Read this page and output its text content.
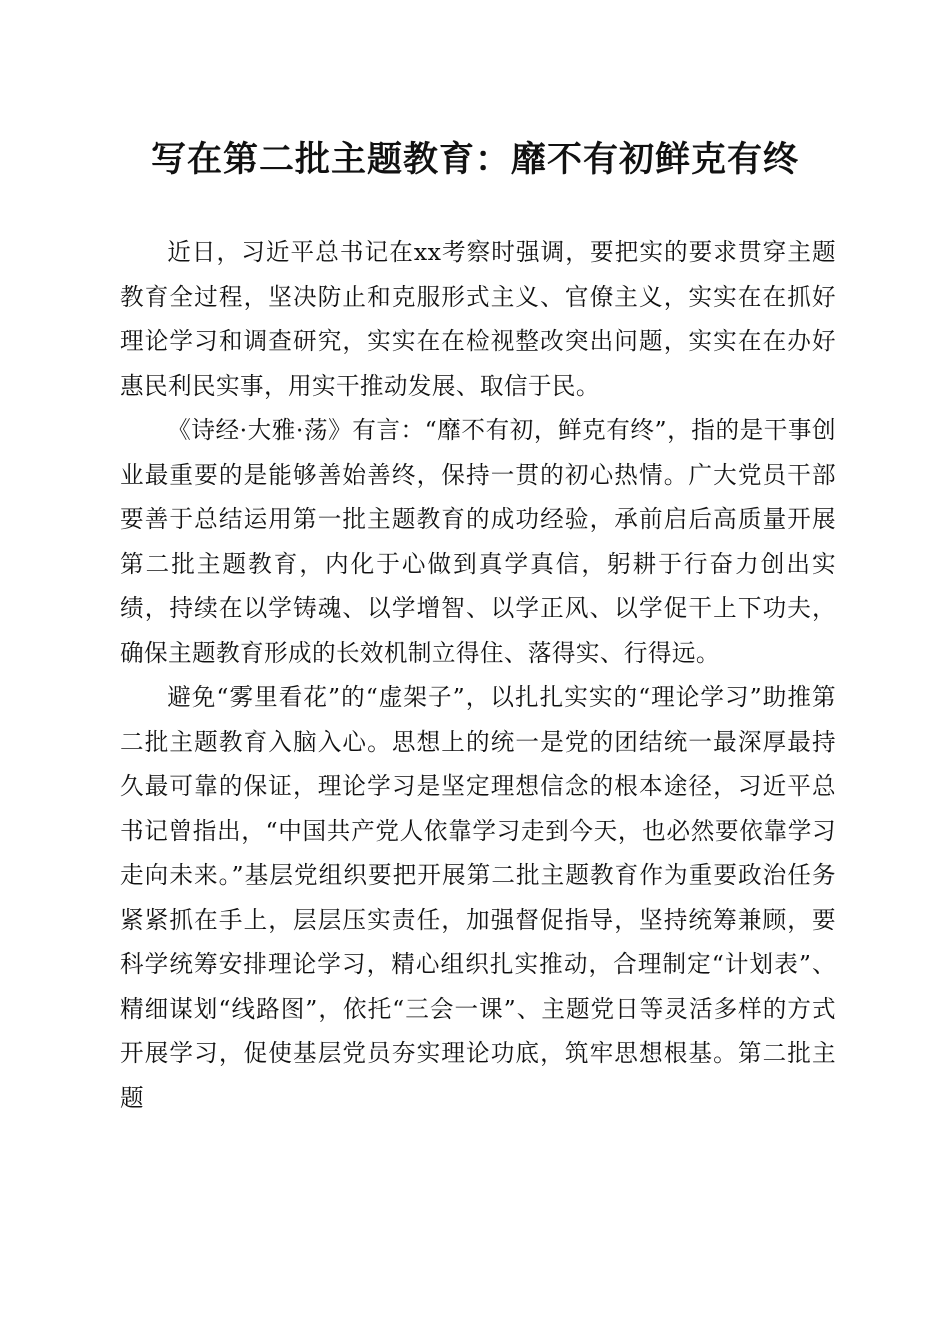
写在第二批主题教育：靡不有初鲜克有终

近日，习近平总书记在xx考察时强调，要把实的要求贯穿主题教育全过程，坚决防止和克服形式主义、官僚主义，实实在在抓好理论学习和调查研究，实实在在检视整改突出问题，实实在在办好惠民利民实事，用实干推动发展、取信于民。

《诗经·大雅·荡》有言：“靡不有初，鲜克有终”，指的是干事创业最重要的是能够善始善终，保持一贯的初心热情。广大党员干部要善于总结运用第一批主题教育的成功经验，承前启后高质量开展第二批主题教育，内化于心做到真学真信，躬耕于行奋力创出实绩，持续在以学铸魂、以学增智、以学正风、以学促干上下功夫，确保主题教育形成的长效机制立得住、落得实、行得远。

避免“雾里看花”的“虚架子”，以扎扎实实的“理论学习”助推第二批主题教育入脑入心。思想上的统一是党的团结统一最深厚最持久最可靠的保证，理论学习是坚定理想信念的根本途径，习近平总书记曾指出，“中国共产党人依靠学习走到今天，也必然要依靠学习走向未来。”基层党组织要把开展第二批主题教育作为重要政治任务紧紧抓在手上，层层压实责任，加强督促指导，坚持统筹兼顾，要科学统筹安排理论学习，精心组织扎实推动，合理制定“计划表”、精细谋划“线路图”，依托“三会一课”、主题党日等灵活多样的方式开展学习，促使基层党员夯实理论功底，筑牢思想根基。第二批主题
